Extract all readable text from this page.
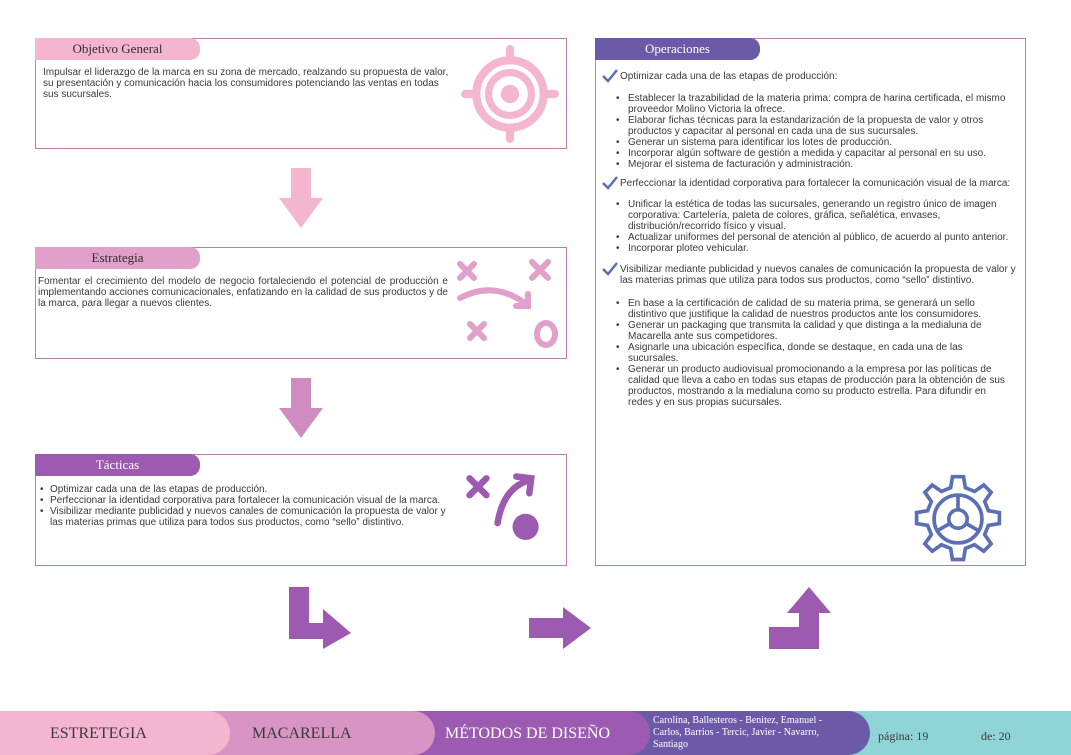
Objetivo General
Impulsar el liderazgo de la marca en su zona de mercado, realzando su propuesta de valor, su presentación y comunicación hacia los consumidores potenciando las ventas en todas sus sucursales.
Estrategia
Fomentar el crecimiento del modelo de negocio fortaleciendo el potencial de producción e implementando acciones comunicacionales, enfatizando en la calidad de sus productos y de la marca, para llegar a nuevos clientes.
Tácticas
• Optimizar cada una de las etapas de producción.
• Perfeccionar la identidad corporativa para fortalecer la comunicación visual de la marca.
• Visibilizar mediante publicidad y nuevos canales de comunicación la propuesta de valor y las materias primas que utiliza para todos sus productos, como “sello” distintivo.
Operaciones
Optimizar cada una de las etapas de producción:
• Establecer la trazabilidad de la materia prima: compra de harina certificada, el mismo proveedor Molino Victoria la ofrece.
• Elaborar fichas técnicas para la estandarización de la propuesta de valor y otros productos y capacitar al personal en cada una de sus sucursales.
• Generar un sistema para identificar los lotes de producción.
• Incorporar algún software de gestión a medida y capacitar al personal en su uso.
• Mejorar el sistema de facturación y administración.
Perfeccionar la identidad corporativa para fortalecer la comunicación visual de la marca:
• Unificar la estética de todas las sucursales, generando un registro único de imagen corporativa: Cartelería, paleta de colores, gráfica, señalética, envases, distribución/recorrido físico y visual.
• Actualizar uniformes del personal de atención al público, de acuerdo al punto anterior.
• Incorporar ploteo vehicular.
Visibilizar mediante publicidad y nuevos canales de comunicación la propuesta de valor y las materias primas que utiliza para todos sus productos, como “sello” distintivo.
• En base a la certificación de calidad de su materia prima, se generará un sello distintivo que justifique la calidad de nuestros productos ante los consumidores.
• Generar un packaging que transmita la calidad y que distinga a la medialuna de Macarella ante sus competidores.
• Asignarle una ubicación específica, donde se destaque, en cada una de las sucursales.
• Generar un producto audiovisual promocionando a la empresa por las políticas de calidad que lleva a cabo en todas sus etapas de producción para la obtención de sus productos, mostrando a la medialuna como su producto estrella. Para difundir en redes y en sus propias sucursales.
ESTRETEGIA	MACARELLA	MÉTODOS DE DISEÑO
Carolina, Ballesteros - Benitez, Emanuel - Carlos, Barrios - Tercic, Javier - Navarro, Santiago
página: 19	de: 20
